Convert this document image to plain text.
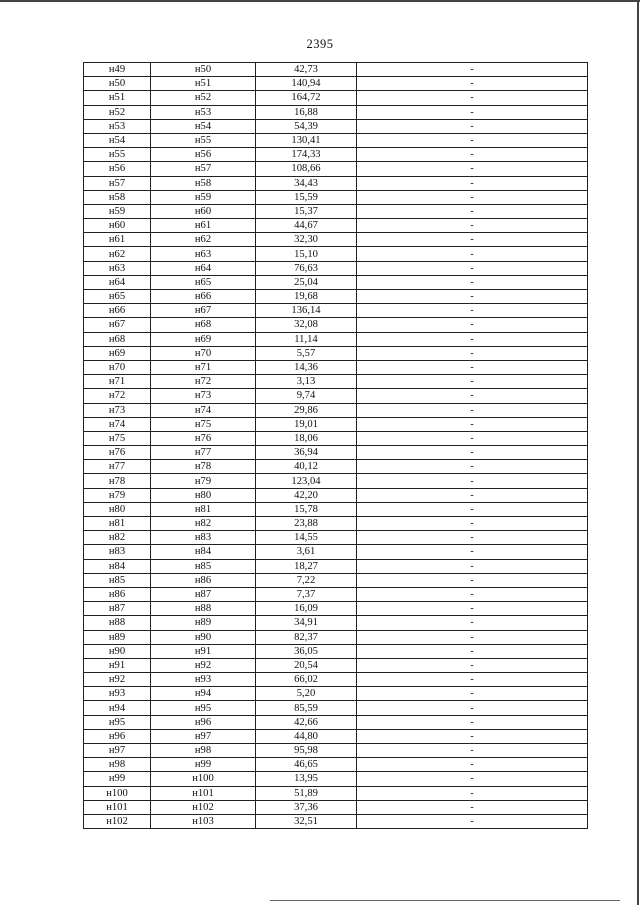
2395
н49	н50	42,73	-
н50	н51	140,94	-
н51	н52	164,72	-
н52	н53	16,88	-
н53	н54	54,39	-
н54	н55	130,41	-
н55	н56	174,33	-
н56	н57	108,66	-
н57	н58	34,43	-
н58	н59	15,59	-
н59	н60	15,37	-
н60	н61	44,67	-
н61	н62	32,30	-
н62	н63	15,10	-
н63	н64	76,63	-
н64	н65	25,04	-
н65	н66	19,68	-
н66	н67	136,14	-
н67	н68	32,08	-
н68	н69	11,14	-
н69	н70	5,57	-
н70	н71	14,36	-
н71	н72	3,13	-
н72	н73	9,74	-
н73	н74	29,86	-
н74	н75	19,01	-
н75	н76	18,06	-
н76	н77	36,94	-
н77	н78	40,12	-
н78	н79	123,04	-
н79	н80	42,20	-
н80	н81	15,78	-
н81	н82	23,88	-
н82	н83	14,55	-
н83	н84	3,61	-
н84	н85	18,27	-
н85	н86	7,22	-
н86	н87	7,37	-
н87	н88	16,09	-
н88	н89	34,91	-
н89	н90	82,37	-
н90	н91	36,05	-
н91	н92	20,54	-
н92	н93	66,02	-
н93	н94	5,20	-
н94	н95	85,59	-
н95	н96	42,66	-
н96	н97	44,80	-
н97	н98	95,98	-
н98	н99	46,65	-
н99	н100	13,95	-
н100	н101	51,89	-
н101	н102	37,36	-
н102	н103	32,51	-
